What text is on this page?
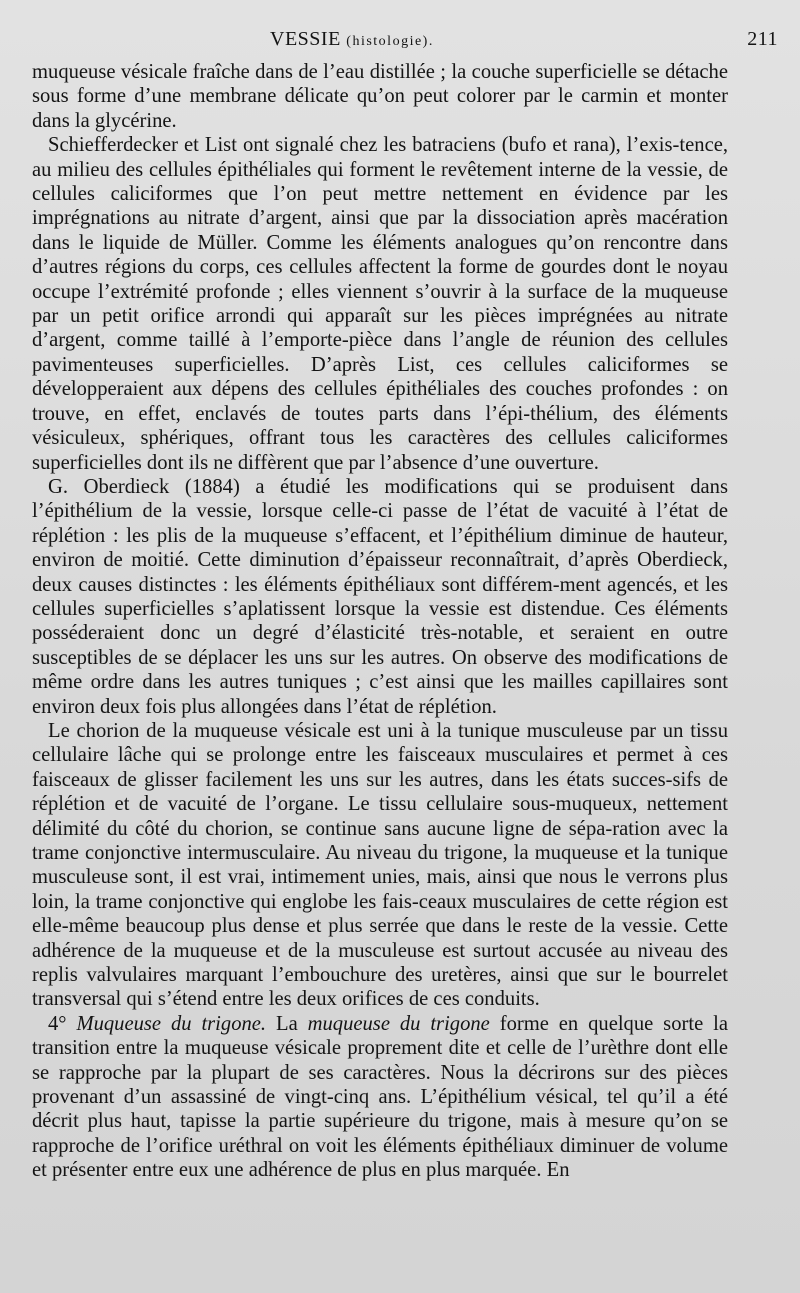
VESSIE (histologie).	211

muqueuse vésicale fraîche dans de l’eau distillée ; la couche superficielle se détache sous forme d’une membrane délicate qu’on peut colorer par le carmin et monter dans la glycérine.

Schiefferdecker et List ont signalé chez les batraciens (bufo et rana), l’exis-tence, au milieu des cellules épithéliales qui forment le revêtement interne de la vessie, de cellules caliciformes que l’on peut mettre nettement en évidence par les imprégnations au nitrate d’argent, ainsi que par la dissociation après macération dans le liquide de Müller. Comme les éléments analogues qu’on rencontre dans d’autres régions du corps, ces cellules affectent la forme de gourdes dont le noyau occupe l’extrémité profonde ; elles viennent s’ouvrir à la surface de la muqueuse par un petit orifice arrondi qui apparaît sur les pièces imprégnées au nitrate d’argent, comme taillé à l’emporte-pièce dans l’angle de réunion des cellules pavimenteuses superficielles. D’après List, ces cellules caliciformes se développeraient aux dépens des cellules épithéliales des couches profondes : on trouve, en effet, enclavés de toutes parts dans l’épi-thélium, des éléments vésiculeux, sphériques, offrant tous les caractères des cellules caliciformes superficielles dont ils ne diffèrent que par l’absence d’une ouverture.

G. Oberdieck (1884) a étudié les modifications qui se produisent dans l’épithélium de la vessie, lorsque celle-ci passe de l’état de vacuité à l’état de réplétion : les plis de la muqueuse s’effacent, et l’épithélium diminue de hauteur, environ de moitié. Cette diminution d’épaisseur reconnaîtrait, d’après Oberdieck, deux causes distinctes : les éléments épithéliaux sont différem-ment agencés, et les cellules superficielles s’aplatissent lorsque la vessie est distendue. Ces éléments posséderaient donc un degré d’élasticité très-notable, et seraient en outre susceptibles de se déplacer les uns sur les autres. On observe des modifications de même ordre dans les autres tuniques ; c’est ainsi que les mailles capillaires sont environ deux fois plus allongées dans l’état de réplétion.

Le chorion de la muqueuse vésicale est uni à la tunique musculeuse par un tissu cellulaire lâche qui se prolonge entre les faisceaux musculaires et permet à ces faisceaux de glisser facilement les uns sur les autres, dans les états succes-sifs de réplétion et de vacuité de l’organe. Le tissu cellulaire sous-muqueux, nettement délimité du côté du chorion, se continue sans aucune ligne de sépa-ration avec la trame conjonctive intermusculaire. Au niveau du trigone, la muqueuse et la tunique musculeuse sont, il est vrai, intimement unies, mais, ainsi que nous le verrons plus loin, la trame conjonctive qui englobe les fais-ceaux musculaires de cette région est elle-même beaucoup plus dense et plus serrée que dans le reste de la vessie. Cette adhérence de la muqueuse et de la musculeuse est surtout accusée au niveau des replis valvulaires marquant l’embouchure des uretères, ainsi que sur le bourrelet transversal qui s’étend entre les deux orifices de ces conduits.

4° Muqueuse du trigone. La muqueuse du trigone forme en quelque sorte la transition entre la muqueuse vésicale proprement dite et celle de l’urèthre dont elle se rapproche par la plupart de ses caractères. Nous la décrirons sur des pièces provenant d’un assassiné de vingt-cinq ans. L’épithélium vésical, tel qu’il a été décrit plus haut, tapisse la partie supérieure du trigone, mais à mesure qu’on se rapproche de l’orifice uréthral on voit les éléments épithéliaux diminuer de volume et présenter entre eux une adhérence de plus en plus marquée. En
